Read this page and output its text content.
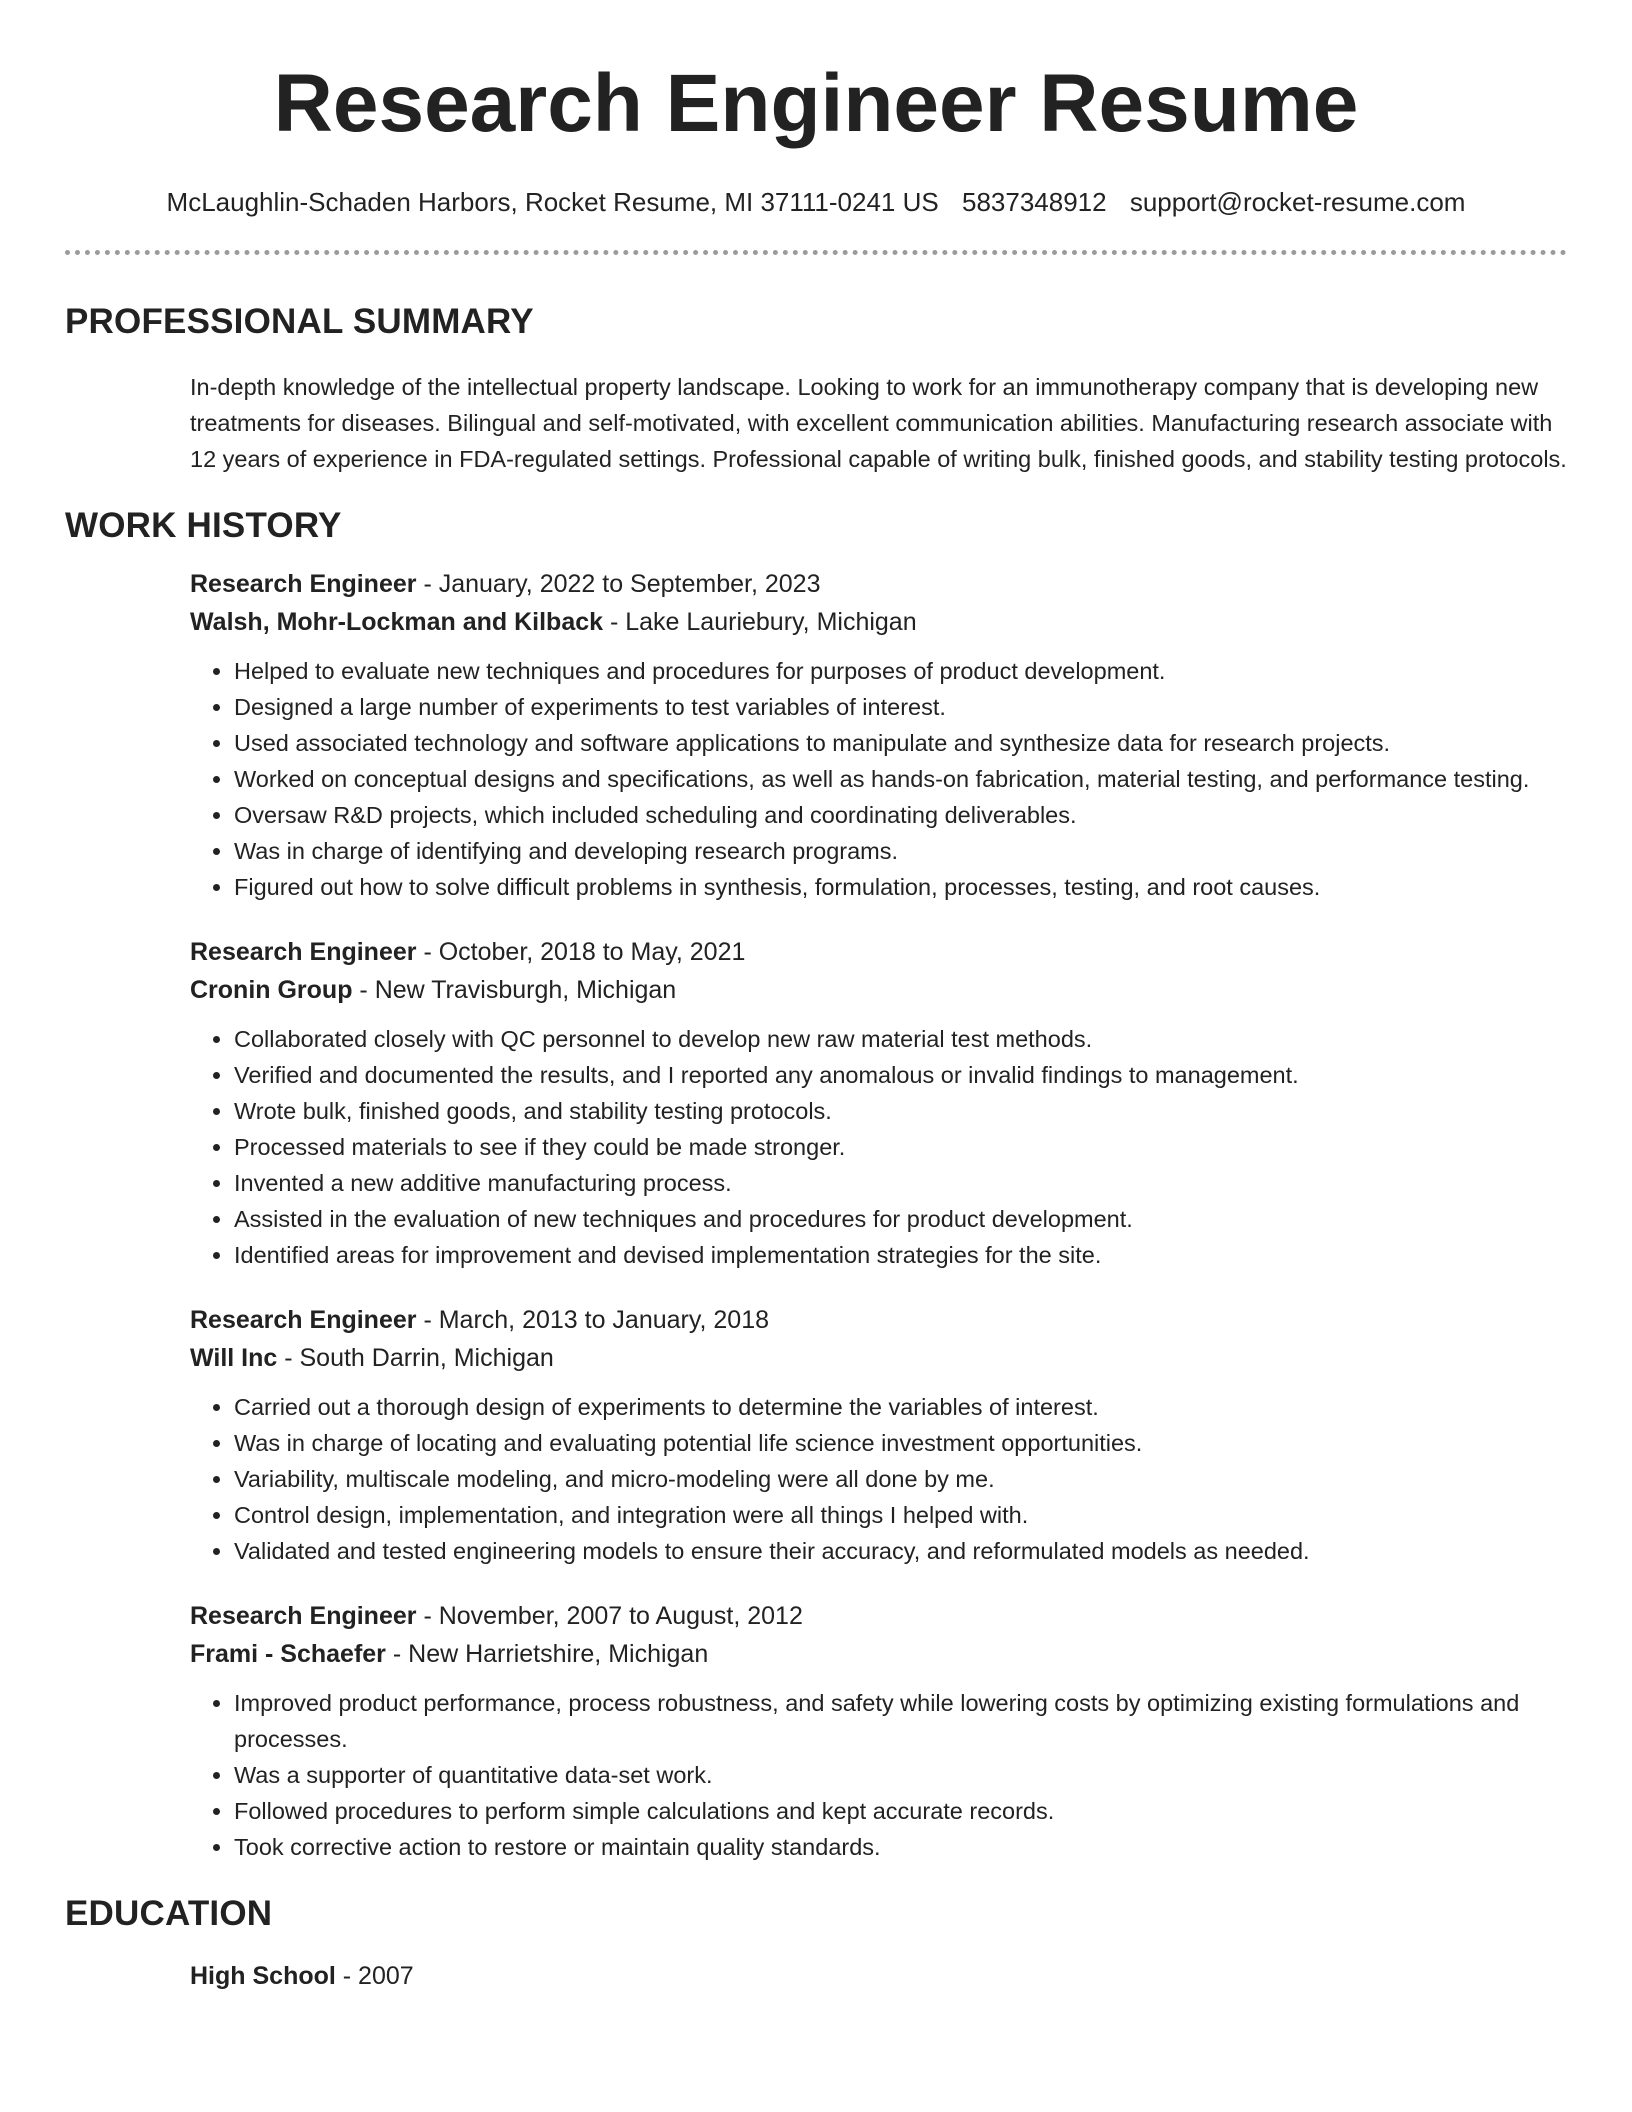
Research Engineer Resume
McLaughlin-Schaden Harbors, Rocket Resume, MI 37111-0241 US 5837348912 support@rocket-resume.com
PROFESSIONAL SUMMARY

In-depth knowledge of the intellectual property landscape. Looking to work for an immunotherapy company that is developing new treatments for diseases. Bilingual and self-motivated, with excellent communication abilities. Manufacturing research associate with 12 years of experience in FDA-regulated settings. Professional capable of writing bulk, finished goods, and stability testing protocols.

WORK HISTORY
Research Engineer - January, 2022 to September, 2023
Walsh, Mohr-Lockman and Kilback - Lake Lauriebury, Michigan
• Helped to evaluate new techniques and procedures for purposes of product development.
• Designed a large number of experiments to test variables of interest.
• Used associated technology and software applications to manipulate and synthesize data for research projects.
• Worked on conceptual designs and specifications, as well as hands-on fabrication, material testing, and performance testing.
• Oversaw R&D projects, which included scheduling and coordinating deliverables.
• Was in charge of identifying and developing research programs.
• Figured out how to solve difficult problems in synthesis, formulation, processes, testing, and root causes.
Research Engineer - October, 2018 to May, 2021
Cronin Group - New Travisburgh, Michigan
• Collaborated closely with QC personnel to develop new raw material test methods.
• Verified and documented the results, and I reported any anomalous or invalid findings to management.
• Wrote bulk, finished goods, and stability testing protocols.
• Processed materials to see if they could be made stronger.
• Invented a new additive manufacturing process.
• Assisted in the evaluation of new techniques and procedures for product development.
• Identified areas for improvement and devised implementation strategies for the site.
Research Engineer - March, 2013 to January, 2018
Will Inc - South Darrin, Michigan
• Carried out a thorough design of experiments to determine the variables of interest.
• Was in charge of locating and evaluating potential life science investment opportunities.
• Variability, multiscale modeling, and micro-modeling were all done by me.
• Control design, implementation, and integration were all things I helped with.
• Validated and tested engineering models to ensure their accuracy, and reformulated models as needed.
Research Engineer - November, 2007 to August, 2012
Frami - Schaefer - New Harrietshire, Michigan
• Improved product performance, process robustness, and safety while lowering costs by optimizing existing formulations and processes.
• Was a supporter of quantitative data-set work.
• Followed procedures to perform simple calculations and kept accurate records.
• Took corrective action to restore or maintain quality standards.
EDUCATION
High School - 2007
